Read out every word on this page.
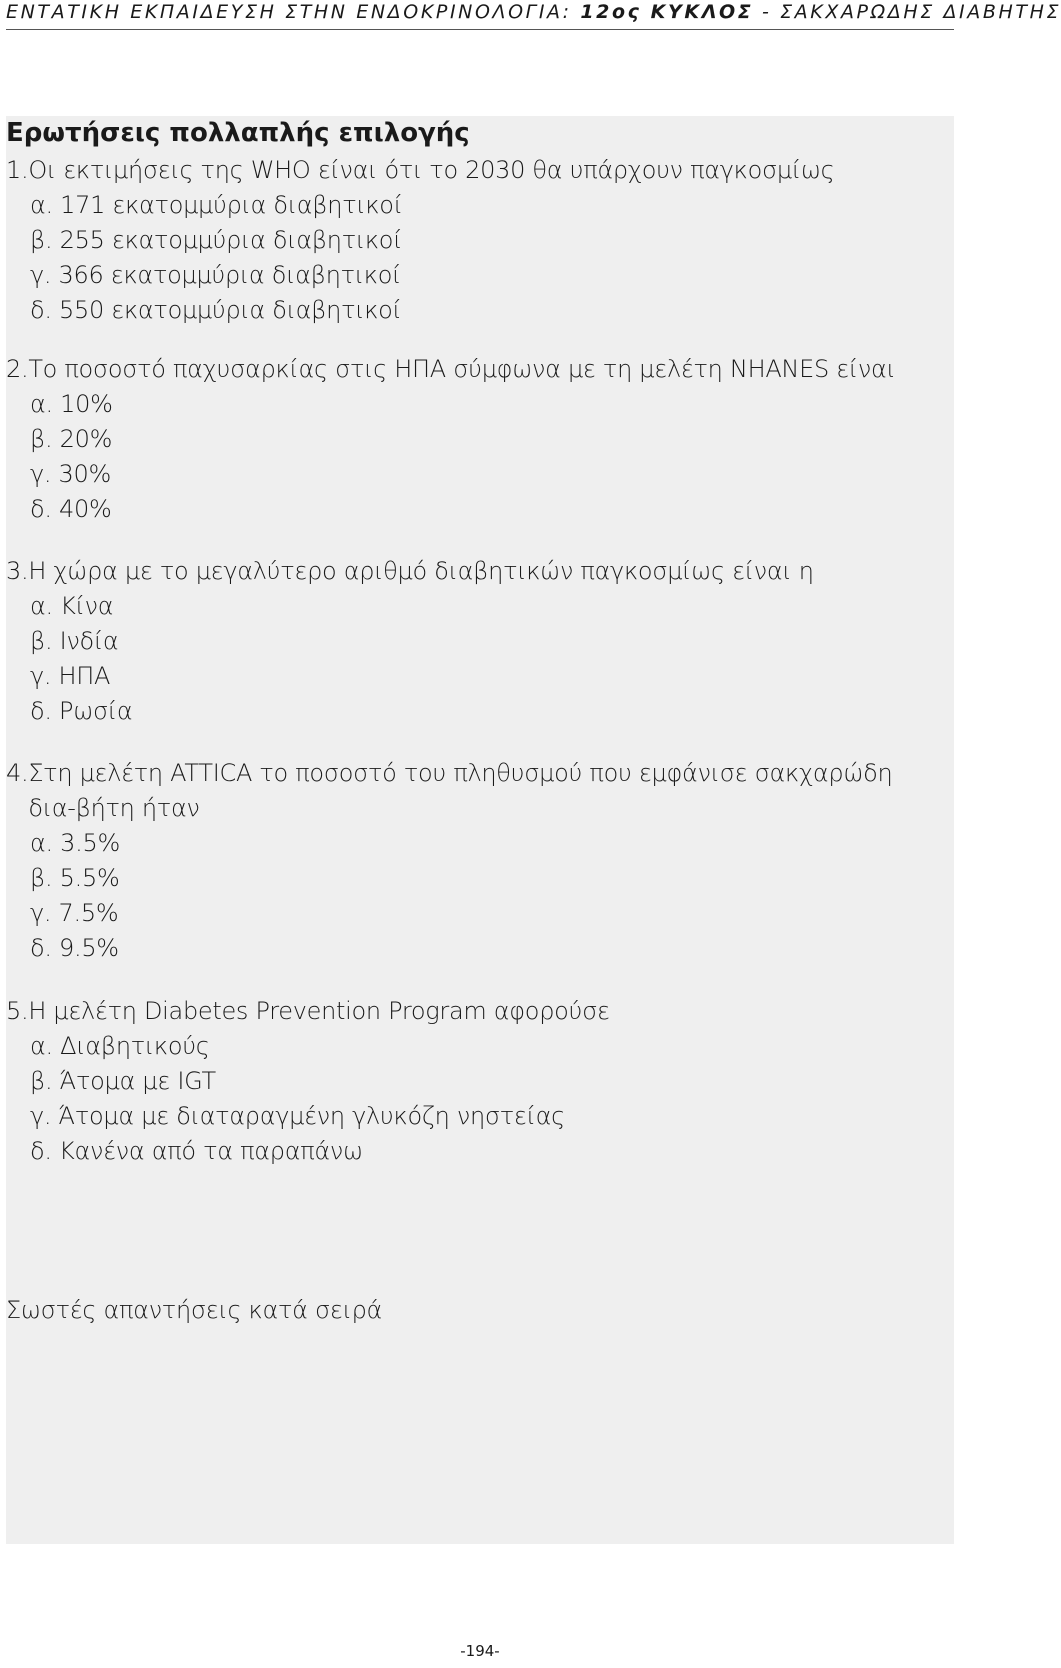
ΕΝΤΑΤΙΚΗ ΕΚΠΑΙΔΕΥΣΗ ΣΤΗΝ ΕΝΔΟΚΡΙΝΟΛΟΓΙΑ: 12ος ΚΥΚΛΟΣ - ΣΑΚΧΑΡΩΔΗΣ ΔΙΑΒΗΤΗΣ
Ερωτήσεις πολλαπλής επιλογής
1. Οι εκτιμήσεις της WHO είναι ότι το 2030 θα υπάρχουν παγκοσμίως
α. 171 εκατομμύρια διαβητικοί
β. 255 εκατομμύρια διαβητικοί
γ. 366 εκατομμύρια διαβητικοί
δ. 550 εκατομμύρια διαβητικοί
2. Το ποσοστό παχυσαρκίας στις ΗΠΑ σύμφωνα με τη μελέτη NHANES είναι
α. 10%
β. 20%
γ. 30%
δ. 40%
3. Η χώρα με το μεγαλύτερο αριθμό διαβητικών παγκοσμίως είναι η
α. Κίνα
β. Ινδία
γ. ΗΠΑ
δ. Ρωσία
4. Στη μελέτη ATTICA το ποσοστό του πληθυσμού που εμφάνισε σακχαρώδη δια-βήτη ήταν
α. 3.5%
β. 5.5%
γ. 7.5%
δ. 9.5%
5. Η μελέτη Diabetes Prevention Program αφορούσε
α. Διαβητικούς
β. Άτομα με IGT
γ. Άτομα με διαταραγμένη γλυκόζη νηστείας
δ. Κανένα από τα παραπάνω
Σωστές απαντήσεις κατά σειρά
-194-
